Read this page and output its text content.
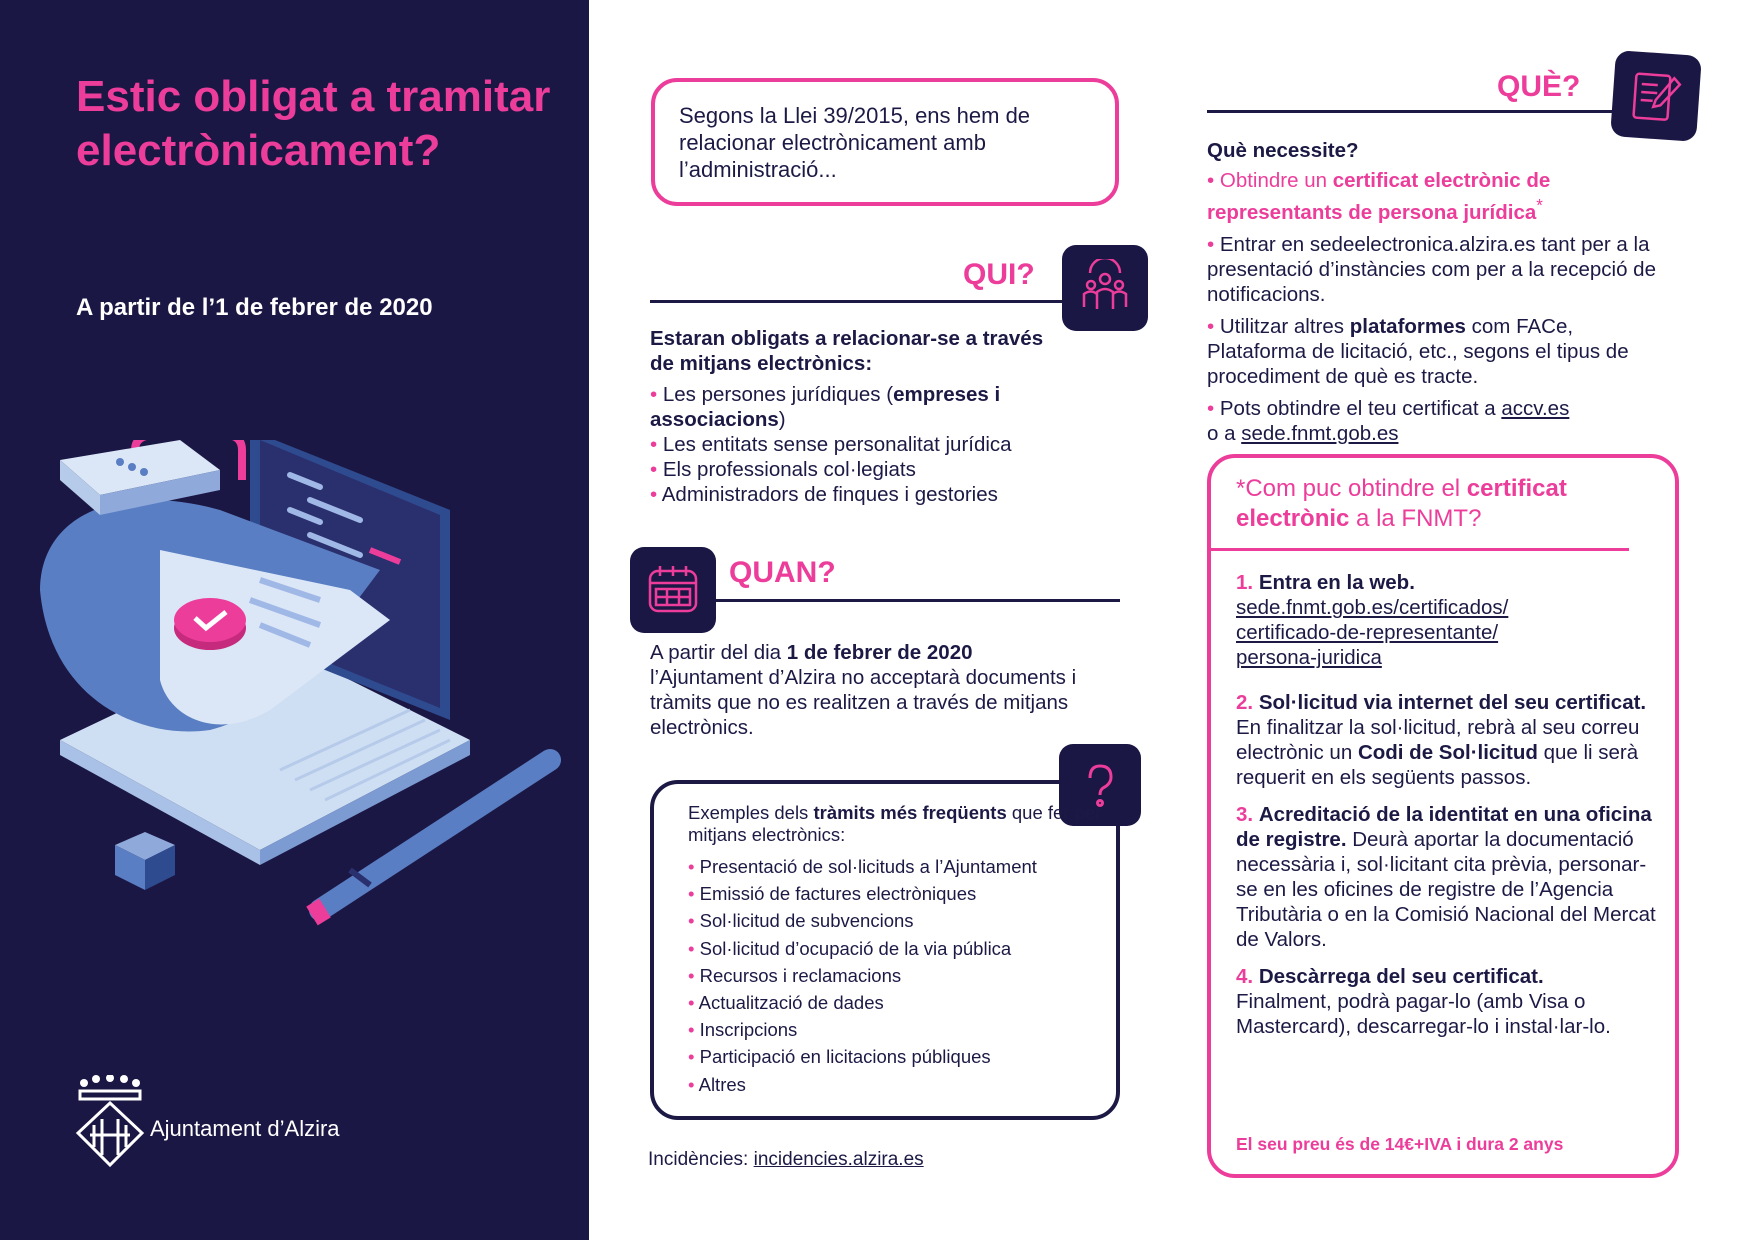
Estic obligat a tramitar electrònicament?
A partir de l’1 de febrer de 2020
Ajuntament d’Alzira
Segons la Llei 39/2015, ens hem de relacionar electrònicament amb l’administració...
QUI?
Estaran obligats a relacionar-se a través de mitjans electrònics:
• Les persones jurídiques (empreses i associacions)
• Les entitats sense personalitat jurídica
• Els professionals col·legiats
• Administradors de finques i gestories
QUAN?
A partir del dia 1 de febrer de 2020 l’Ajuntament d’Alzira no acceptarà documents i tràmits que no es realitzen a través de mitjans electrònics.
Exemples dels tràmits més freqüents que fer per mitjans electrònics:
• Presentació de sol·licituds a l’Ajuntament
• Emissió de factures electròniques
• Sol·licitud de subvencions
• Sol·licitud d’ocupació de la via pública
• Recursos i reclamacions
• Actualització de dades
• Inscripcions
• Participació en licitacions públiques
• Altres
Incidències: incidencies.alzira.es
QUÈ?
Què necessite?
• Obtindre un certificat electrònic de representants de persona jurídica*
• Entrar en sedeelectronica.alzira.es tant per a la presentació d’instàncies com per a la recepció de notificacions.
• Utilitzar altres plataformes com FACe, Plataforma de licitació, etc., segons el tipus de procediment de què es tracte.
• Pots obtindre el teu certificat a accv.es
o a sede.fnmt.gob.es
*Com puc obtindre el certificat electrònic a la FNMT?
1. Entra en la web.
sede.fnmt.gob.es/certificados/ certificado-de-representante/ persona-juridica
2. Sol·licitud via internet del seu certificat.
En finalitzar la sol·licitud, rebrà al seu correu electrònic un Codi de Sol·licitud que li serà requerit en els següents passos.
3. Acreditació de la identitat en una oficina de registre. Deurà aportar la documentació necessària i, sol·licitant cita prèvia, personar-se en les oficines de registre de l’Agencia Tributària o en la Comisió Nacional del Mercat de Valors.
4. Descàrrega del seu certificat.
Finalment, podrà pagar-lo (amb Visa o Mastercard), descarregar-lo i instal·lar-lo.
El seu preu és de 14€+IVA i dura 2 anys
